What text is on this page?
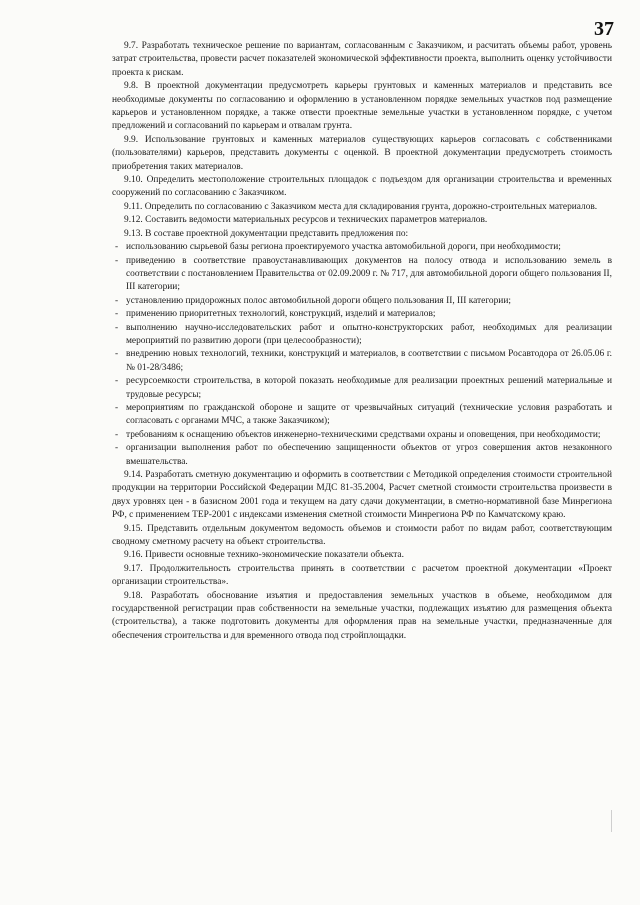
37

9.7. Разработать техническое решение по вариантам, согласованным с Заказчиком, и расчитать объемы работ, уровень затрат строительства, провести расчет показателей экономической эффективности проекта, выполнить оценку устойчивости проекта к рискам.

9.8. В проектной документации предусмотреть карьеры грунтовых и каменных материалов и представить все необходимые документы по согласованию и оформлению в установленном порядке земельных участков под размещение карьеров и установленном порядке, а также отвести проектные земельные участки в установленном порядке, с учетом предложений и согласований по карьерам и отвалам грунта.

9.9. Использование грунтовых и каменных материалов существующих карьеров согласовать с собственниками (пользователями) карьеров, представить документы с оценкой. В проектной документации предусмотреть стоимость приобретения таких материалов.

9.10. Определить местоположение строительных площадок с подъездом для организации строительства и временных сооружений по согласованию с Заказчиком.

9.11. Определить по согласованию с Заказчиком места для складирования грунта, дорожно-строительных материалов.

9.12. Составить ведомости материальных ресурсов и технических параметров материалов.

9.13. В составе проектной документации представить предложения по:

- использованию сырьевой базы региона проектируемого участка автомобильной дороги, при необходимости;
- приведению в соответствие правоустанавливающих документов на полосу отвода и использованию земель в соответствии с постановлением Правительства от 02.09.2009 г. № 717, для автомобильной дороги общего пользования II, III категории;
- установлению придорожных полос автомобильной дороги общего пользования II, III категории;
- применению приоритетных технологий, конструкций, изделий и материалов;
- выполнению научно-исследовательских работ и опытно-конструкторских работ, необходимых для реализации мероприятий по развитию дороги (при целесообразности);
- внедрению новых технологий, техники, конструкций и материалов, в соответствии с письмом Росавтодора от 26.05.06 г. № 01-28/3486;
- ресурсоемкости строительства, в которой показать необходимые для реализации проектных решений материальные и трудовые ресурсы;
- мероприятиям по гражданской обороне и защите от чрезвычайных ситуаций (технические условия разработать и согласовать с органами МЧС, а также Заказчиком);
- требованиям к оснащению объектов инженерно-техническими средствами охраны и оповещения, при необходимости;
- организации выполнения работ по обеспечению защищенности объектов от угроз совершения актов незаконного вмешательства.

9.14. Разработать сметную документацию и оформить в соответствии с Методикой определения стоимости строительной продукции на территории Российской Федерации МДС 81-35.2004, Расчет сметной стоимости строительства произвести в двух уровнях цен - в базисном 2001 года и текущем на дату сдачи документации, в сметно-нормативной базе Минрегиона РФ, с применением ТЕР-2001 с индексами изменения сметной стоимости Минрегиона РФ по Камчатскому краю.

9.15. Представить отдельным документом ведомость объемов и стоимости работ по видам работ, соответствующим сводному сметному расчету на объект строительства.

9.16. Привести основные технико-экономические показатели объекта.

9.17. Продолжительность строительства принять в соответствии с расчетом проектной документации «Проект организации строительства».

9.18. Разработать обоснование изъятия и предоставления земельных участков в объеме, необходимом для государственной регистрации прав собственности на земельные участки, подлежащих изъятию для размещения объекта (строительства), а также подготовить документы для оформления прав на земельные участки, предназначенные для обеспечения строительства и для временного отвода под стройплощадки.
